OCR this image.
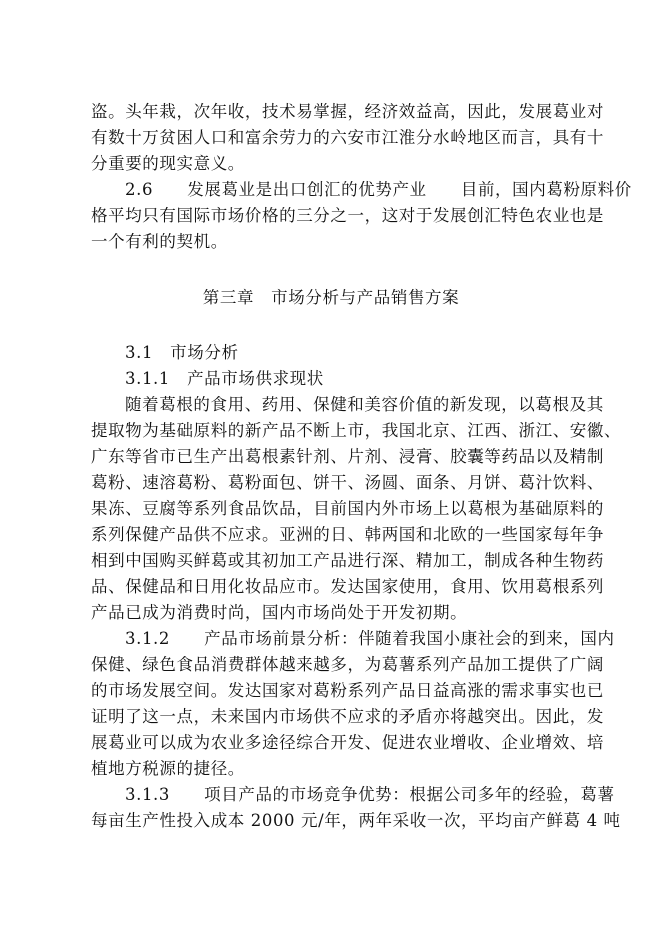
盗。头年栽，次年收，技术易掌握，经济效益高，因此，发展葛业对
有数十万贫困人口和富余劳力的六安市江淮分水岭地区而言，具有十
分重要的现实意义。
2.6　　发展葛业是出口创汇的优势产业　　目前，国内葛粉原料价
格平均只有国际市场价格的三分之一，这对于发展创汇特色农业也是
一个有利的契机。
第三章　市场分析与产品销售方案
3.1　市场分析
3.1.1　产品市场供求现状
随着葛根的食用、药用、保健和美容价值的新发现，以葛根及其
提取物为基础原料的新产品不断上市，我国北京、江西、浙江、安徽、
广东等省市已生产出葛根素针剂、片剂、浸膏、胶囊等药品以及精制
葛粉、速溶葛粉、葛粉面包、饼干、汤圆、面条、月饼、葛汁饮料、
果冻、豆腐等系列食品饮品，目前国内外市场上以葛根为基础原料的
系列保健产品供不应求。亚洲的日、韩两国和北欧的一些国家每年争
相到中国购买鲜葛或其初加工产品进行深、精加工，制成各种生物药
品、保健品和日用化妆品应市。发达国家使用，食用、饮用葛根系列
产品已成为消费时尚，国内市场尚处于开发初期。
3.1.2　　产品市场前景分析：伴随着我国小康社会的到来，国内
保健、绿色食品消费群体越来越多，为葛薯系列产品加工提供了广阔
的市场发展空间。发达国家对葛粉系列产品日益高涨的需求事实也已
证明了这一点，未来国内市场供不应求的矛盾亦将越突出。因此，发
展葛业可以成为农业多途径综合开发、促进农业增收、企业增效、培
植地方税源的捷径。
3.1.3　　项目产品的市场竞争优势：根据公司多年的经验，葛薯
每亩生产性投入成本 2000 元/年，两年采收一次，平均亩产鲜葛 4 吨
